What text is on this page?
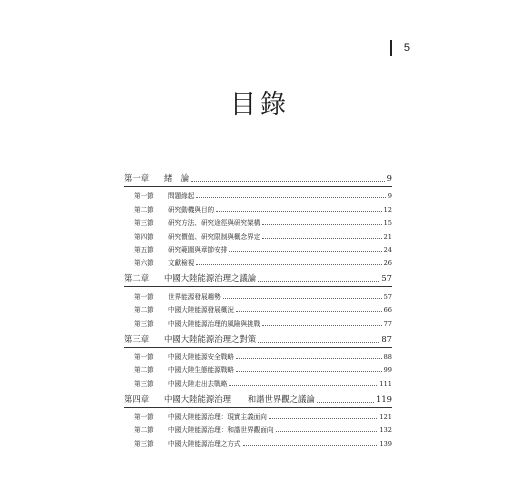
5
目錄
第一章	緒　論	9
第一節	問題緣起	9
第二節	研究動機與目的	12
第三節	研究方法、研究途徑與研究架構	15
第四節	研究價值、研究限制與概念界定	21
第五節	研究範圍與章節安排	24
第六節	文獻檢視	26
第二章	中國大陸能源治理之議論	57
第一節	世界能源發展趨勢	57
第二節	中國大陸能源發展概況	66
第三節	中國大陸能源治理的風險與挑戰	77
第三章	中國大陸能源治理之對策	87
第一節	中國大陸能源安全戰略	88
第二節	中國大陸生態能源戰略	99
第三節	中國大陸走出去戰略	111
第四章	中國大陸能源治理　　和諧世界觀之議論	119
第一節	中國大陸能源治理：現實主義面向	121
第二節	中國大陸能源治理：和諧世界觀面向	132
第三節	中國大陸能源治理之方式	139
